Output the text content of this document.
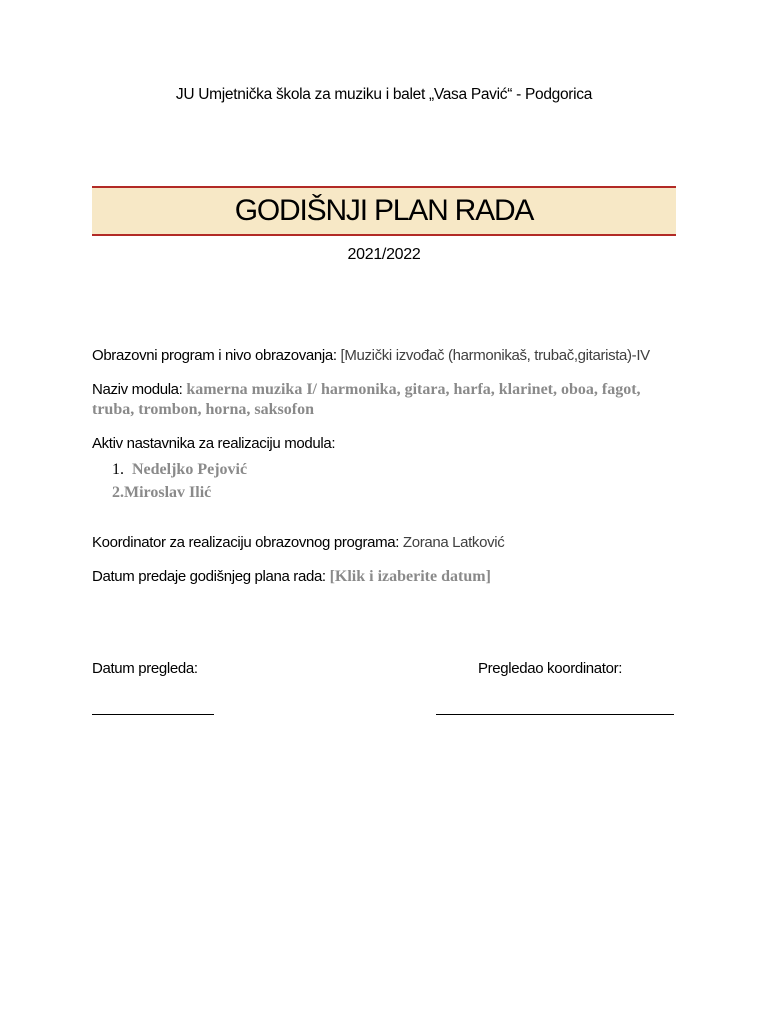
JU Umjetnička škola za muziku i balet „Vasa Pavić“ - Podgorica
GODIŠNJI PLAN RADA
2021/2022
Obrazovni program i nivo obrazovanja: [Muzički izvođač (harmonikaš, trubač,gitarista)-IV
Naziv modula: kamerna muzika I/ harmonika, gitara, harfa, klarinet, oboa, fagot, truba, trombon, horna, saksofon
Aktiv nastavnika za realizaciju modula:
1. Nedeljko Pejović
2.Miroslav Ilić
Koordinator za realizaciju obrazovnog programa: Zorana Latković
Datum predaje godišnjeg plana rada: [Klik i izaberite datum]
Datum pregleda:	Pregledao koordinator:
